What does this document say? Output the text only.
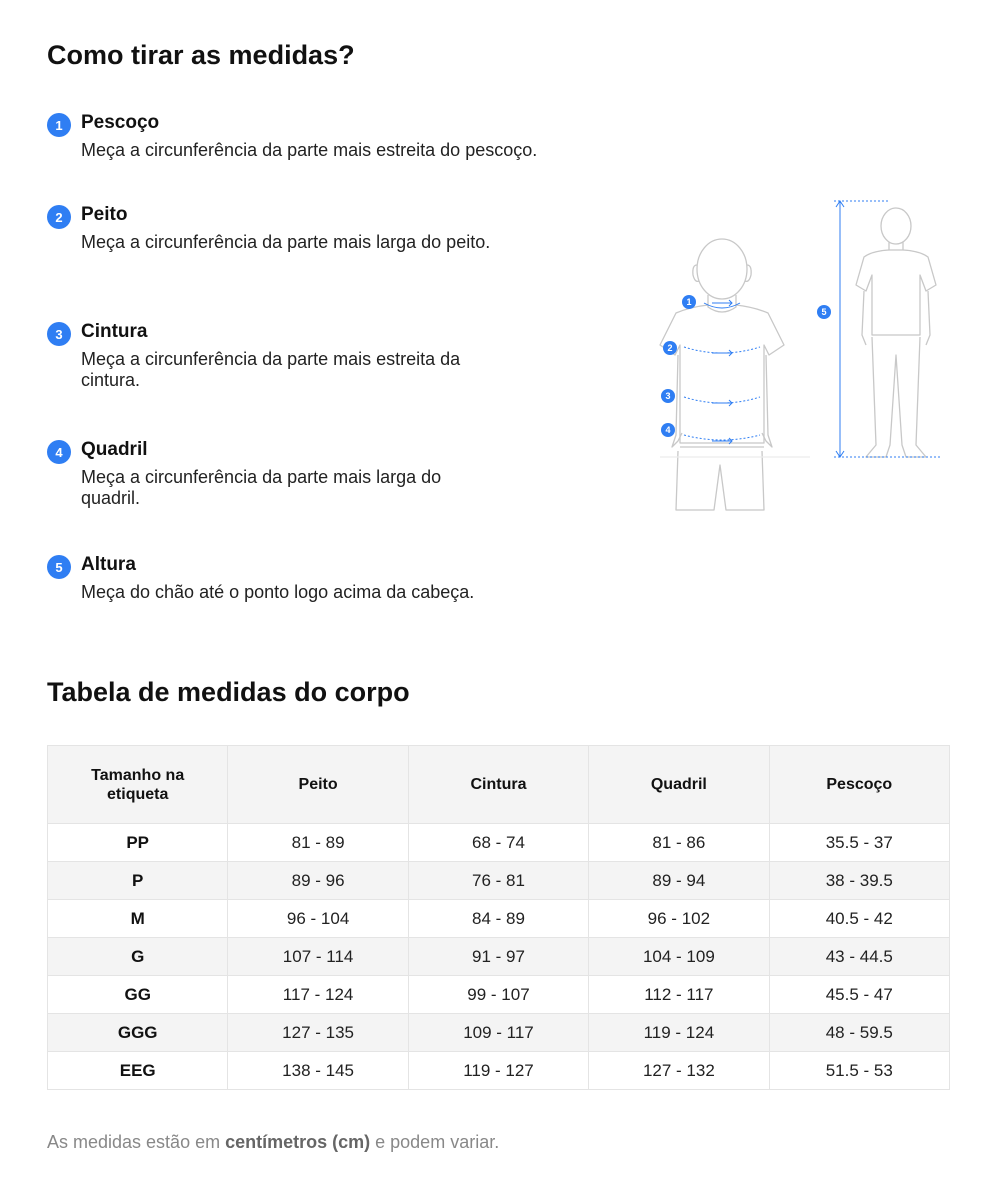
Como tirar as medidas?
1 Pescoço
Meça a circunferência da parte mais estreita do pescoço.
2 Peito
Meça a circunferência da parte mais larga do peito.
3 Cintura
Meça a circunferência da parte mais estreita da cintura.
4 Quadril
Meça a circunferência da parte mais larga do quadril.
5 Altura
Meça do chão até o ponto logo acima da cabeça.
1
2
3
4
5
Tabela de medidas do corpo
Tamanho na etiqueta	Peito	Cintura	Quadril	Pescoço
PP	81 - 89	68 - 74	81 - 86	35.5 - 37
P	89 - 96	76 - 81	89 - 94	38 - 39.5
M	96 - 104	84 - 89	96 - 102	40.5 - 42
G	107 - 114	91 - 97	104 - 109	43 - 44.5
GG	117 - 124	99 - 107	112 - 117	45.5 - 47
GGG	127 - 135	109 - 117	119 - 124	48 - 59.5
EEG	138 - 145	119 - 127	127 - 132	51.5 - 53
As medidas estão em centímetros (cm) e podem variar.
